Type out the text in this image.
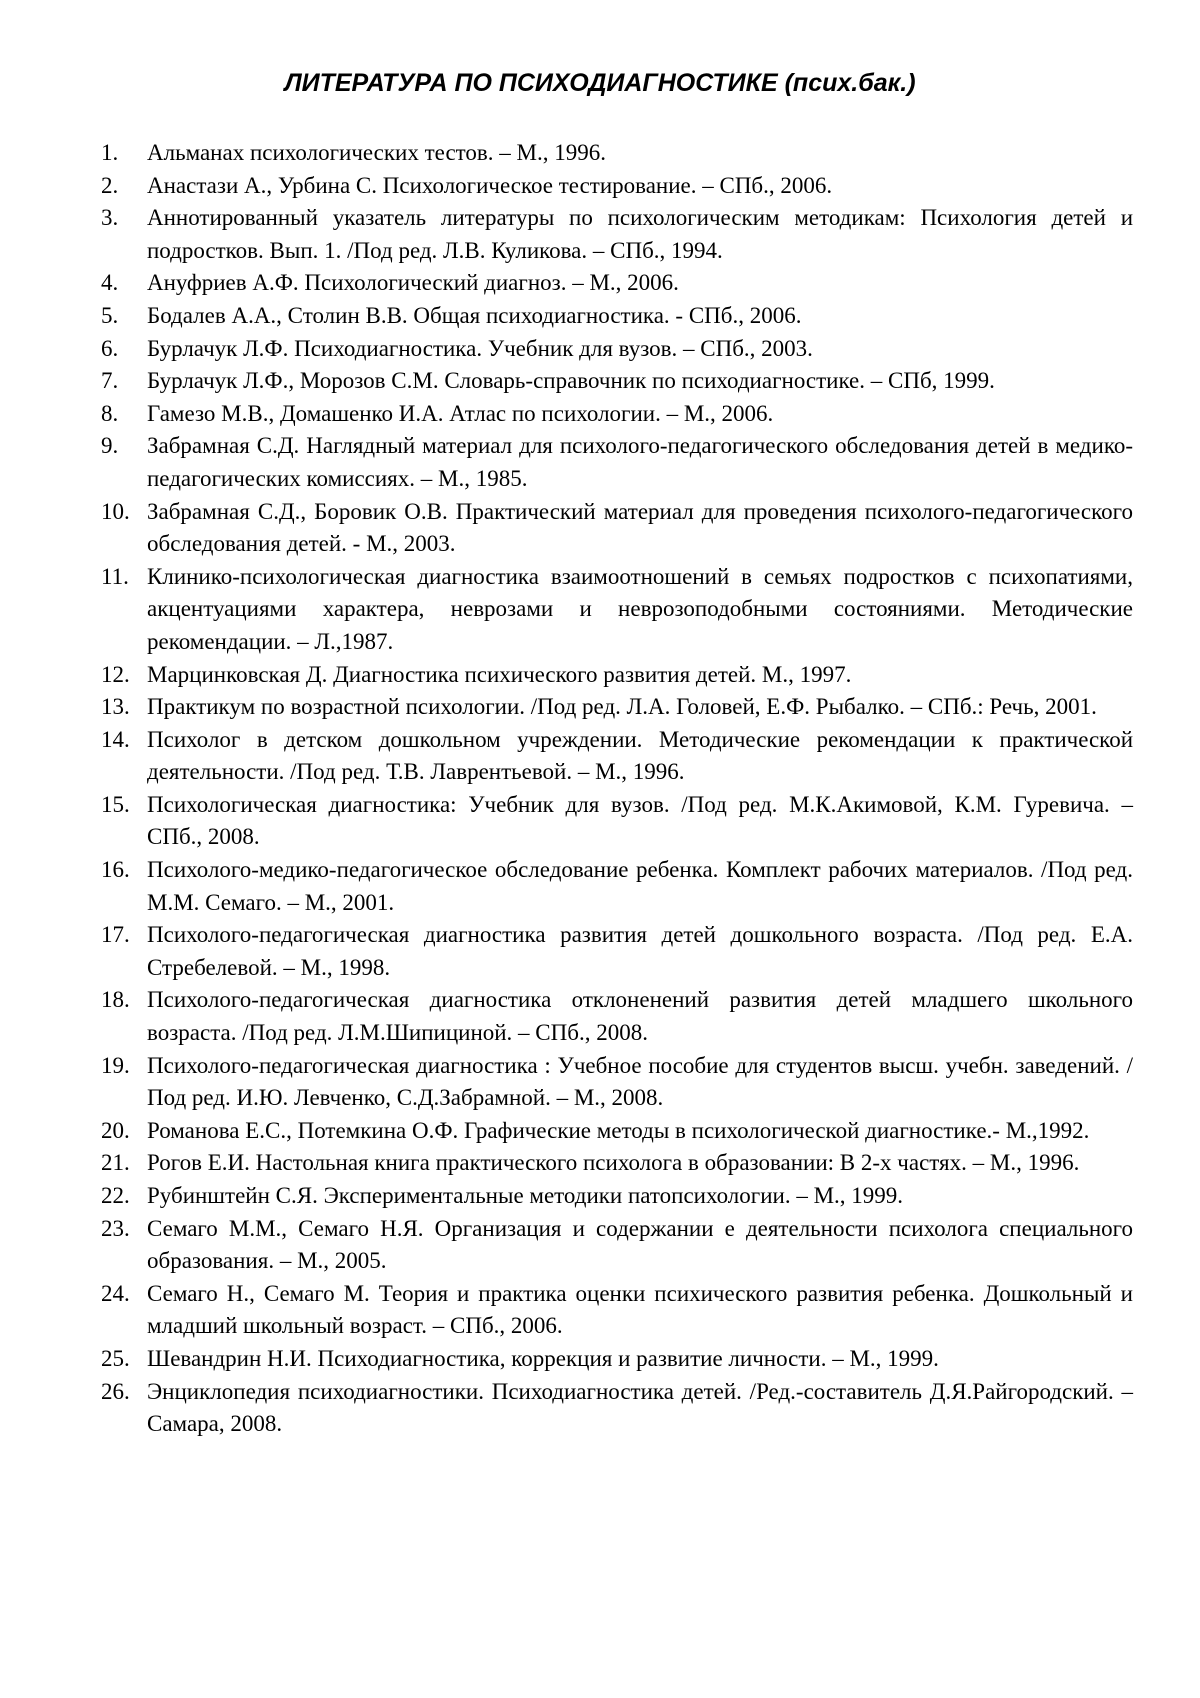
ЛИТЕРАТУРА ПО ПСИХОДИАГНОСТИКЕ (псих.бак.)
1. Альманах психологических тестов. – М., 1996.
2. Анастази А., Урбина С. Психологическое тестирование. – СПб., 2006.
3. Аннотированный указатель литературы по психологическим методикам: Психология детей и подростков. Вып. 1. /Под ред. Л.В. Куликова. – СПб., 1994.
4. Ануфриев А.Ф. Психологический диагноз. – М., 2006.
5. Бодалев А.А., Столин В.В. Общая психодиагностика. - СПб., 2006.
6. Бурлачук Л.Ф. Психодиагностика. Учебник для вузов. – СПб., 2003.
7. Бурлачук Л.Ф., Морозов С.М. Словарь-справочник по психодиагностике. – СПб, 1999.
8. Гамезо М.В., Домашенко И.А. Атлас по психологии. – М., 2006.
9. Забрамная С.Д. Наглядный материал для психолого-педагогического обследования детей в медико-педагогических комиссиях. – М., 1985.
10. Забрамная С.Д., Боровик О.В. Практический материал для проведения психолого-педагогического обследования детей. - М., 2003.
11. Клинико-психологическая диагностика взаимоотношений в семьях подростков с психопатиями, акцентуациями характера, неврозами и неврозоподобными состояниями. Методические рекомендации. – Л.,1987.
12. Марцинковская Д. Диагностика психического развития детей. М., 1997.
13. Практикум по возрастной психологии. /Под ред. Л.А. Головей, Е.Ф. Рыбалко. – СПб.: Речь, 2001.
14. Психолог в детском дошкольном учреждении. Методические рекомендации к практической деятельности. /Под ред. Т.В. Лаврентьевой. – М., 1996.
15. Психологическая диагностика: Учебник для вузов. /Под ред. М.К.Акимовой, К.М. Гуревича. – СПб., 2008.
16. Психолого-медико-педагогическое обследование ребенка. Комплект рабочих материалов. /Под ред. М.М. Семаго. – М., 2001.
17. Психолого-педагогическая диагностика развития детей дошкольного возраста. /Под ред. Е.А. Стребелевой. – М., 1998.
18. Психолого-педагогическая диагностика отклоненений развития детей младшего школьного возраста. /Под ред. Л.М.Шипициной. – СПб., 2008.
19. Психолого-педагогическая диагностика : Учебное пособие для студентов высш. учебн. заведений. /Под ред. И.Ю. Левченко, С.Д.Забрамной. – М., 2008.
20. Романова Е.С., Потемкина О.Ф. Графические методы в психологической диагностике.- М.,1992.
21. Рогов Е.И. Настольная книга практического психолога в образовании: В 2-х частях. – М., 1996.
22. Рубинштейн С.Я. Экспериментальные методики патопсихологии. – М., 1999.
23. Семаго М.М., Семаго Н.Я. Организация и содержании е деятельности психолога специального образования. – М., 2005.
24. Семаго Н., Семаго М. Теория и практика оценки психического развития ребенка. Дошкольный и младший школьный возраст. – СПб., 2006.
25. Шевандрин Н.И. Психодиагностика, коррекция и развитие личности. – М., 1999.
26. Энциклопедия психодиагностики. Психодиагностика детей. /Ред.-составитель Д.Я.Райгородский. – Самара, 2008.
